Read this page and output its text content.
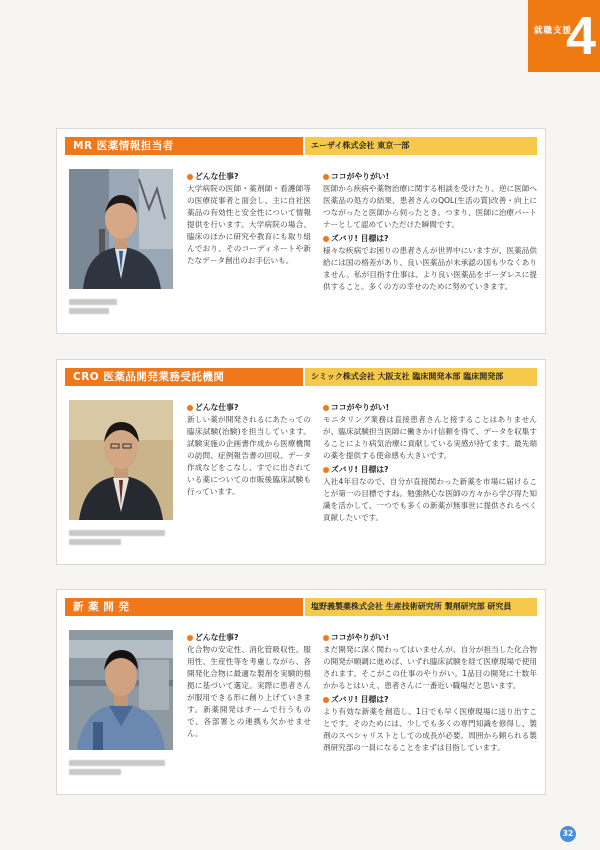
就職支援
4
MR 医薬情報担当者	エーザイ株式会社 東京一部
どんな仕事?
大学病院の医師・薬剤師・看護師等の医療従事者と面会し、主に自社医薬品の有効性と安全性について情報提供を行います。大学病院の場合、臨床のほかに研究や教育にも取り組んでおり、そのコーディネートや新たなデータ創出のお手伝いも。
ココがやりがい!
医師から疾病や薬物治療に関する相談を受けたり、逆に医師へ医薬品の処方の結果、患者さんのQOL(生活の質)改善・向上につながったと医師から伺ったとき。つまり、医師に治療パートナーとして認めていただけた瞬間です。
ズバリ! 目標は?
様々な疾病でお困りの患者さんが世界中にいますが、医薬品供給には国の格差があり、良い医薬品が未承認の国も少なくありません。私が目指す仕事は、より良い医薬品をボーダレスに提供すること。多くの方の幸せのために努めていきます。
CRO 医薬品開発業務受託機関	シミック株式会社 大阪支社 臨床開発本部 臨床開発部
どんな仕事?
新しい薬が開発されるにあたっての臨床試験(治験)を担当しています。試験実施の企画書作成から医療機関の訪問、症例報告書の回収、データ作成などをこなし、すでに出されている薬についての市販後臨床試験も行っています。
ココがやりがい!
モニタリング業務は直接患者さんと接することはありませんが、臨床試験担当医師に働きかけ信頼を得て、データを収集することにより病気治療に貢献している実感が持てます。最先端の薬を提供する使命感も大きいです。
ズバリ! 目標は?
入社4年目なので、自分が直接関わった新薬を市場に届けることが第一の目標ですね。勉強熱心な医師の方々から学び得た知識を活かして、一つでも多くの新薬が無事世に提供されるべく貢献したいです。
新 薬 開 発	塩野義製薬株式会社 生産技術研究所 製剤研究部 研究員
どんな仕事?
化合物の安定性、消化管吸収性、服用性、生産性等を考慮しながら、各開発化合物に最適な製剤を実験的根拠に基づいて選定。実際に患者さんが服用できる形に創り上げていきます。新薬開発はチームで行うもので、各部署との連携も欠かせません。
ココがやりがい!
まだ開発に深く関わってはいませんが、自分が担当した化合物の開発が順調に進めば、いずれ臨床試験を経て医療現場で使用されます。そこがこの仕事のやりがい。1品目の開発に十数年かかるとはいえ、患者さんに一番近い職場だと思います。
ズバリ! 目標は?
より有効な新薬を創造し、1日でも早く医療現場に送り出すことです。そのためには、少しでも多くの専門知識を修得し、製剤のスペシャリストとしての成長が必要。周囲から頼られる製剤研究部の一員になることをまずは目指しています。
32
